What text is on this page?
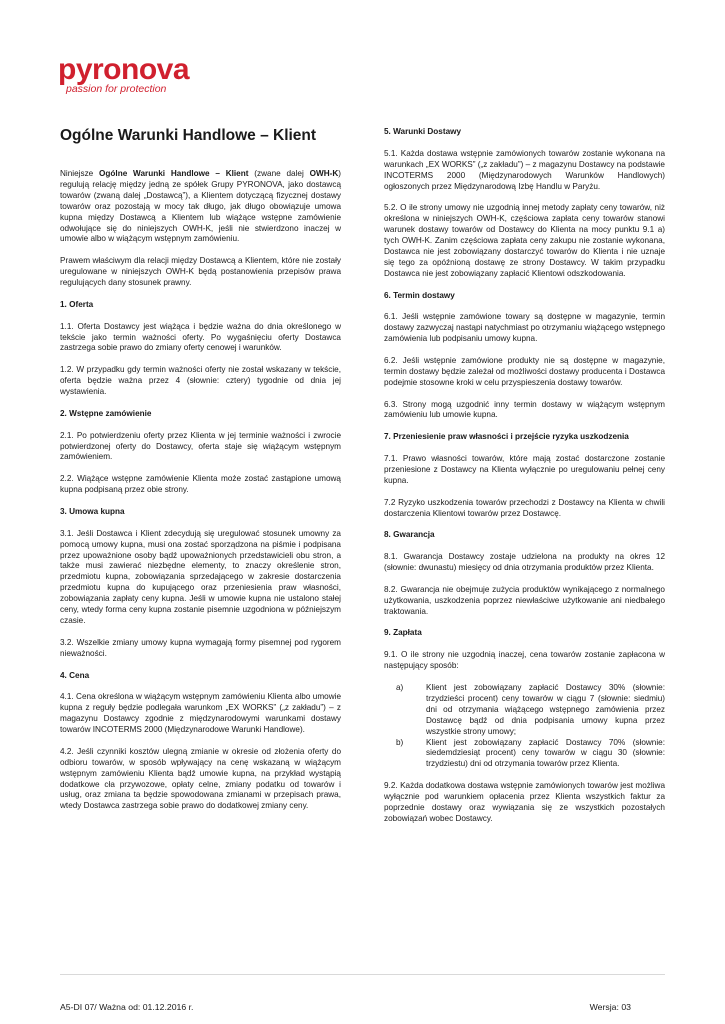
pyronova
passion for protection
Ogólne Warunki Handlowe – Klient

Niniejsze Ogólne Warunki Handlowe – Klient (zwane dalej OWH-K) regulują relację między jedną ze spółek Grupy PYRONOVA, jako dostawcą towarów (zwaną dalej „Dostawcą”), a Klientem dotyczącą fizycznej dostawy towarów oraz pozostają w mocy tak długo, jak długo obowiązuje umowa kupna między Dostawcą a Klientem lub wiążące wstępne zamówienie odwołujące się do niniejszych OWH-K, jeśli nie stwierdzono inaczej w umowie albo w wiążącym wstępnym zamówieniu.

Prawem właściwym dla relacji między Dostawcą a Klientem, które nie zostały uregulowane w niniejszych OWH-K będą postanowienia przepisów prawa regulujących dany stosunek prawny.

1. Oferta

1.1. Oferta Dostawcy jest wiążąca i będzie ważna do dnia określonego w tekście jako termin ważności oferty. Po wygaśnięciu oferty Dostawca zastrzega sobie prawo do zmiany oferty cenowej i warunków.

1.2. W przypadku gdy termin ważności oferty nie został wskazany w tekście, oferta będzie ważna przez 4 (słownie: cztery) tygodnie od dnia jej wystawienia.

2. Wstępne zamówienie

2.1. Po potwierdzeniu oferty przez Klienta w jej terminie ważności i zwrocie potwierdzonej oferty do Dostawcy, oferta staje się wiążącym wstępnym zamówieniem.

2.2. Wiążące wstępne zamówienie Klienta może zostać zastąpione umową kupna podpisaną przez obie strony.

3. Umowa kupna

3.1. Jeśli Dostawca i Klient zdecydują się uregulować stosunek umowny za pomocą umowy kupna, musi ona zostać sporządzona na piśmie i podpisana przez upoważnione osoby bądź upoważnionych przedstawicieli obu stron, a także musi zawierać niezbędne elementy, to znaczy określenie stron, przedmiotu kupna, zobowiązania sprzedającego w zakresie dostarczenia przedmiotu kupna do kupującego oraz przeniesienia praw własności, zobowiązania zapłaty ceny kupna. Jeśli w umowie kupna nie ustalono stałej ceny, wtedy forma ceny kupna zostanie pisemnie uzgodniona w późniejszym czasie.

3.2. Wszelkie zmiany umowy kupna wymagają formy pisemnej pod rygorem nieważności.

4. Cena

4.1. Cena określona w wiążącym wstępnym zamówieniu Klienta albo umowie kupna z reguły będzie podlegała warunkom „EX WORKS” („z zakładu”) – z magazynu Dostawcy zgodnie z międzynarodowymi warunkami dostawy towarów INCOTERMS 2000 (Międzynarodowe Warunki Handlowe).

4.2. Jeśli czynniki kosztów ulegną zmianie w okresie od złożenia oferty do odbioru towarów, w sposób wpływający na cenę wskazaną w wiążącym wstępnym zamówieniu Klienta bądź umowie kupna, na przykład wystąpią dodatkowe cła przywozowe, opłaty celne, zmiany podatku od towarów i usług, oraz zmiana ta będzie spowodowana zmianami w przepisach prawa, wtedy Dostawca zastrzega sobie prawo do dodatkowej zmiany ceny.

5. Warunki Dostawy

5.1. Każda dostawa wstępnie zamówionych towarów zostanie wykonana na warunkach „EX WORKS” („z zakładu”) – z magazynu Dostawcy na podstawie INCOTERMS 2000 (Międzynarodowych Warunków Handlowych) ogłoszonych przez Międzynarodową Izbę Handlu w Paryżu.

5.2. O ile strony umowy nie uzgodnią innej metody zapłaty ceny towarów, niż określona w niniejszych OWH-K, częściowa zapłata ceny towarów stanowi warunek dostawy towarów od Dostawcy do Klienta na mocy punktu 9.1 a) tych OWH-K. Zanim częściowa zapłata ceny zakupu nie zostanie wykonana, Dostawca nie jest zobowiązany dostarczyć towarów do Klienta i nie uznaje się tego za opóźnioną dostawę ze strony Dostawcy. W takim przypadku Dostawca nie jest zobowiązany zapłacić Klientowi odszkodowania.

6. Termin dostawy

6.1. Jeśli wstępnie zamówione towary są dostępne w magazynie, termin dostawy zazwyczaj nastąpi natychmiast po otrzymaniu wiążącego wstępnego zamówienia lub podpisaniu umowy kupna.

6.2. Jeśli wstępnie zamówione produkty nie są dostępne w magazynie, termin dostawy będzie zależał od możliwości dostawy producenta i Dostawca podejmie stosowne kroki w celu przyspieszenia dostawy towarów.

6.3. Strony mogą uzgodnić inny termin dostawy w wiążącym wstępnym zamówieniu lub umowie kupna.

7. Przeniesienie praw własności i przejście ryzyka uszkodzenia

7.1. Prawo własności towarów, które mają zostać dostarczone zostanie przeniesione z Dostawcy na Klienta wyłącznie po uregulowaniu pełnej ceny kupna.

7.2 Ryzyko uszkodzenia towarów przechodzi z Dostawcy na Klienta w chwili dostarczenia Klientowi towarów przez Dostawcę.

8. Gwarancja

8.1. Gwarancja Dostawcy zostaje udzielona na produkty na okres 12 (słownie: dwunastu) miesięcy od dnia otrzymania produktów przez Klienta.

8.2. Gwarancja nie obejmuje zużycia produktów wynikającego z normalnego użytkowania, uszkodzenia poprzez niewłaściwe użytkowanie ani niedbałego traktowania.

9. Zapłata

9.1. O ile strony nie uzgodnią inaczej, cena towarów zostanie zapłacona w następujący sposób:

a)	Klient jest zobowiązany zapłacić Dostawcy 30% (słownie: trzydzieści procent) ceny towarów w ciągu 7 (słownie: siedmiu) dni od otrzymania wiążącego wstępnego zamówienia przez Dostawcę bądź od dnia podpisania umowy kupna przez wszystkie strony umowy;
b)	Klient jest zobowiązany zapłacić Dostawcy 70% (słownie: siedemdziesiąt procent) ceny towarów w ciągu 30 (słownie: trzydziestu) dni od otrzymania towarów przez Klienta.

9.2. Każda dodatkowa dostawa wstępnie zamówionych towarów jest możliwa wyłącznie pod warunkiem opłacenia przez Klienta wszystkich faktur za poprzednie dostawy oraz wywiązania się ze wszystkich pozostałych zobowiązań wobec Dostawcy.

A5-DI 07/ Ważna od: 01.12.2016 r.	Wersja: 03
